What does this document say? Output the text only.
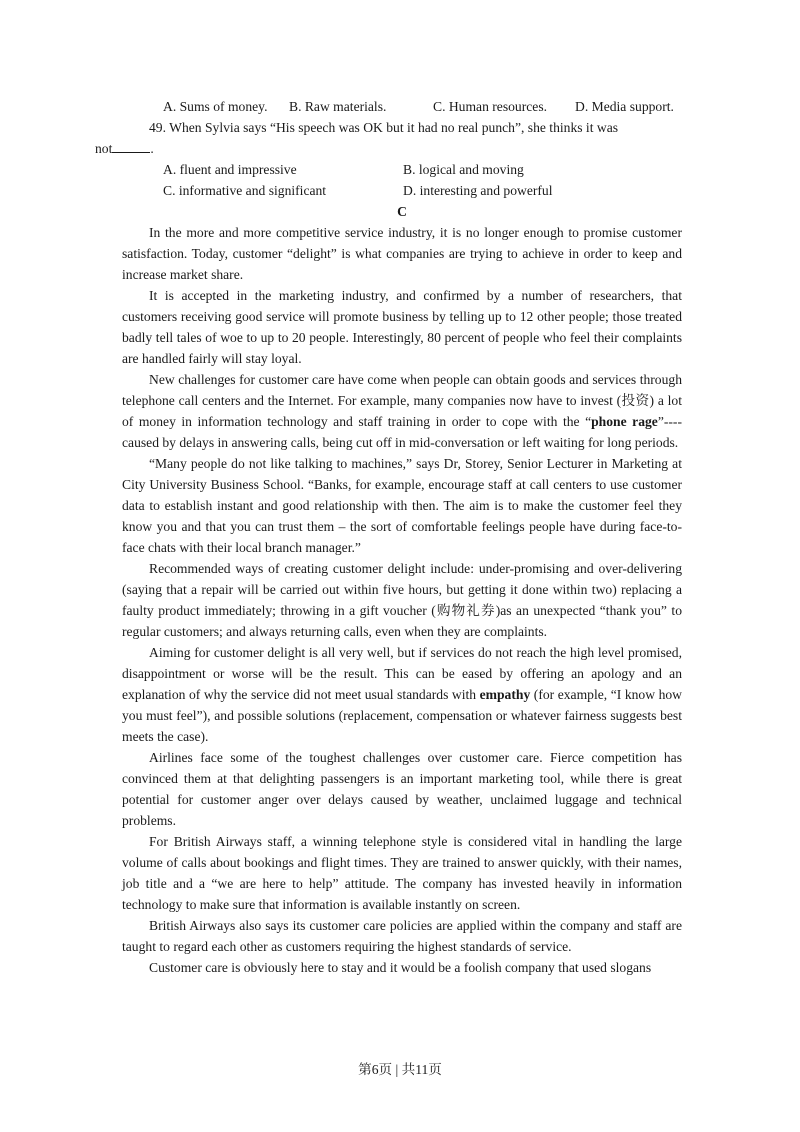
A. Sums of money.	B. Raw materials.	C. Human resources.	D. Media support.
49. When Sylvia says “His speech was OK but it had no real punch”, she thinks it was
not	.
A. fluent and impressive	B. logical and moving
C. informative and significant	D. interesting and powerful
C

In the more and more competitive service industry, it is no longer enough to promise customer satisfaction. Today, customer “delight” is what companies are trying to achieve in order to keep and increase market share.

It is accepted in the marketing industry, and confirmed by a number of researchers, that customers receiving good service will promote business by telling up to 12 other people; those treated badly tell tales of woe to up to 20 people. Interestingly, 80 percent of people who feel their complaints are handled fairly will stay loyal.

New challenges for customer care have come when people can obtain goods and services through telephone call centers and the Internet. For example, many companies now have to invest (投资) a lot of money in information technology and staff training in order to cope with the “phone rage”---- caused by delays in answering calls, being cut off in mid-conversation or left waiting for long periods.

“Many people do not like talking to machines,” says Dr, Storey, Senior Lecturer in Marketing at City University Business School. “Banks, for example, encourage staff at call centers to use customer data to establish instant and good relationship with then. The aim is to make the customer feel they know you and that you can trust them – the sort of comfortable feelings people have during face-to-face chats with their local branch manager.”

Recommended ways of creating customer delight include: under-promising and over-delivering (saying that a repair will be carried out within five hours, but getting it done within two) replacing a faulty product immediately; throwing in a gift voucher (购物礼券)as an unexpected “thank you” to regular customers; and always returning calls, even when they are complaints.

Aiming for customer delight is all very well, but if services do not reach the high level promised, disappointment or worse will be the result. This can be eased by offering an apology and an explanation of why the service did not meet usual standards with empathy (for example, “I know how you must feel”), and possible solutions (replacement, compensation or whatever fairness suggests best meets the case).

Airlines face some of the toughest challenges over customer care. Fierce competition has convinced them at that delighting passengers is an important marketing tool, while there is great potential for customer anger over delays caused by weather, unclaimed luggage and technical problems.

For British Airways staff, a winning telephone style is considered vital in handling the large volume of calls about bookings and flight times. They are trained to answer quickly, with their names, job title and a “we are here to help” attitude. The company has invested heavily in information technology to make sure that information is available instantly on screen.

British Airways also says its customer care policies are applied within the company and staff are taught to regard each other as customers requiring the highest standards of service.

Customer care is obviously here to stay and it would be a foolish company that used slogans

第6页 | 共11页
